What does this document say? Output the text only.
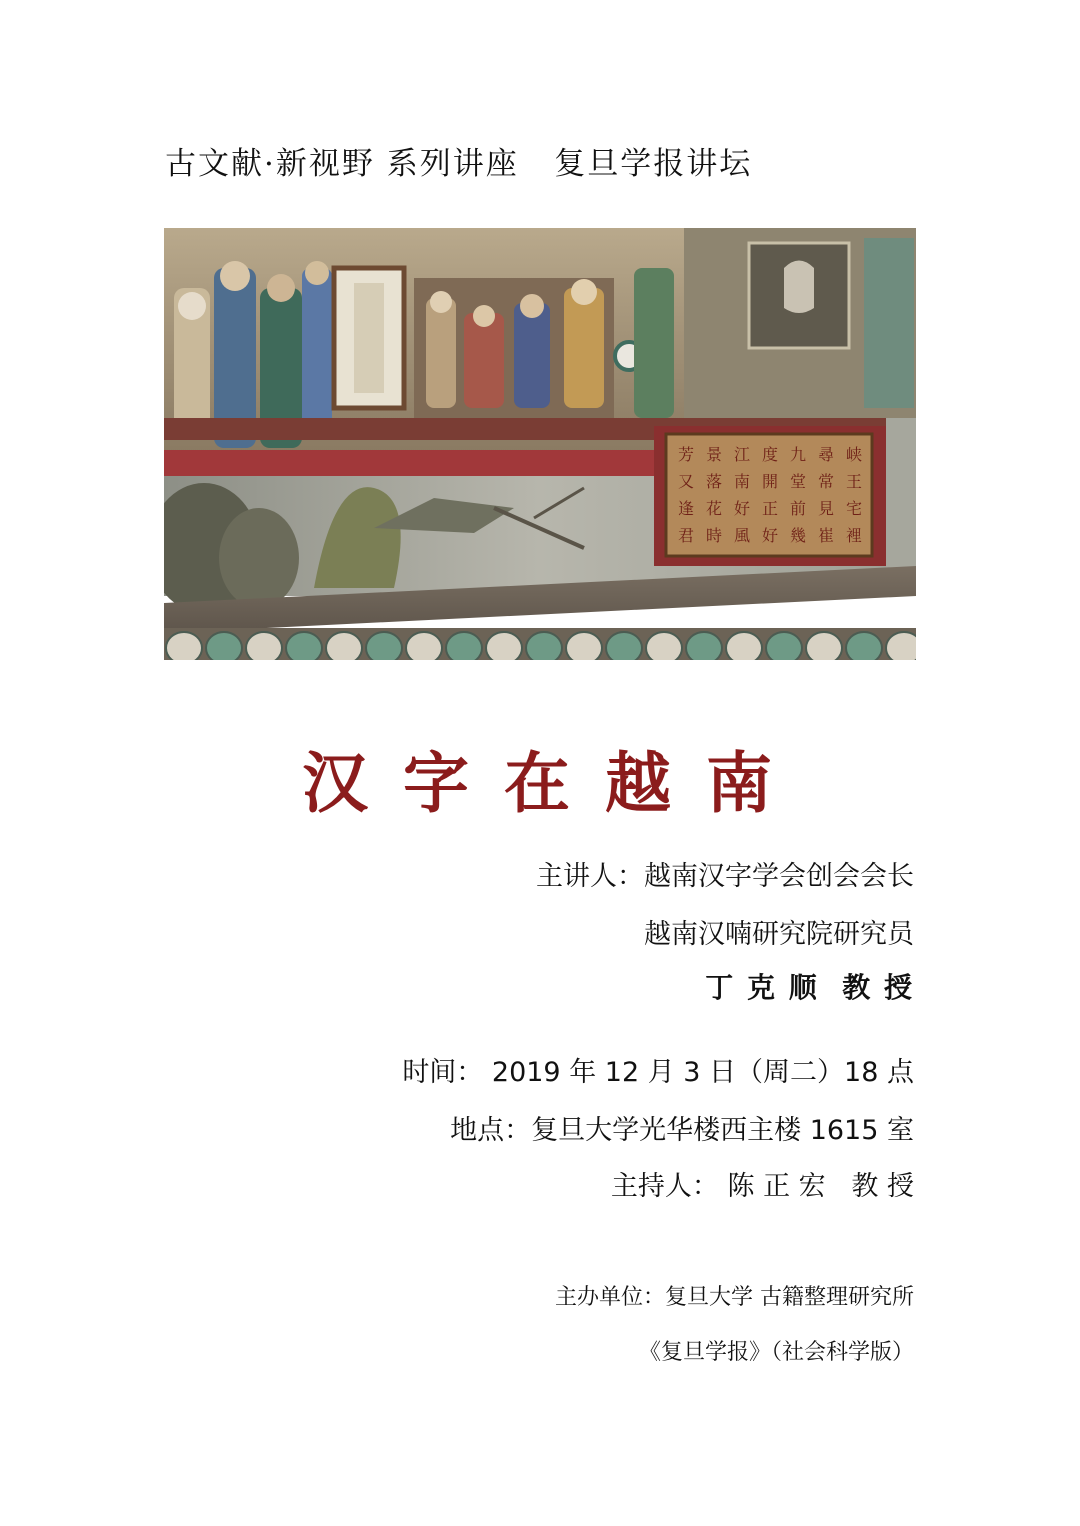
古文献·新视野 系列讲座   复旦学报讲坛
峡
王
宅
裡
尋
常
見
崔
九
堂
前
幾
度
開
正
好
江
南
好
風
景
落
花
時
芳
又
逢
君
汉 字 在 越 南
主讲人：越南汉字学会创会会长
越南汉喃研究院研究员
丁 克 顺  教 授
时间： 2019 年 12 月 3 日（周二）18 点
地点：复旦大学光华楼西主楼 1615 室
主持人： 陈 正 宏   教 授
主办单位：复旦大学 古籍整理研究所
《复旦学报》（社会科学版）
